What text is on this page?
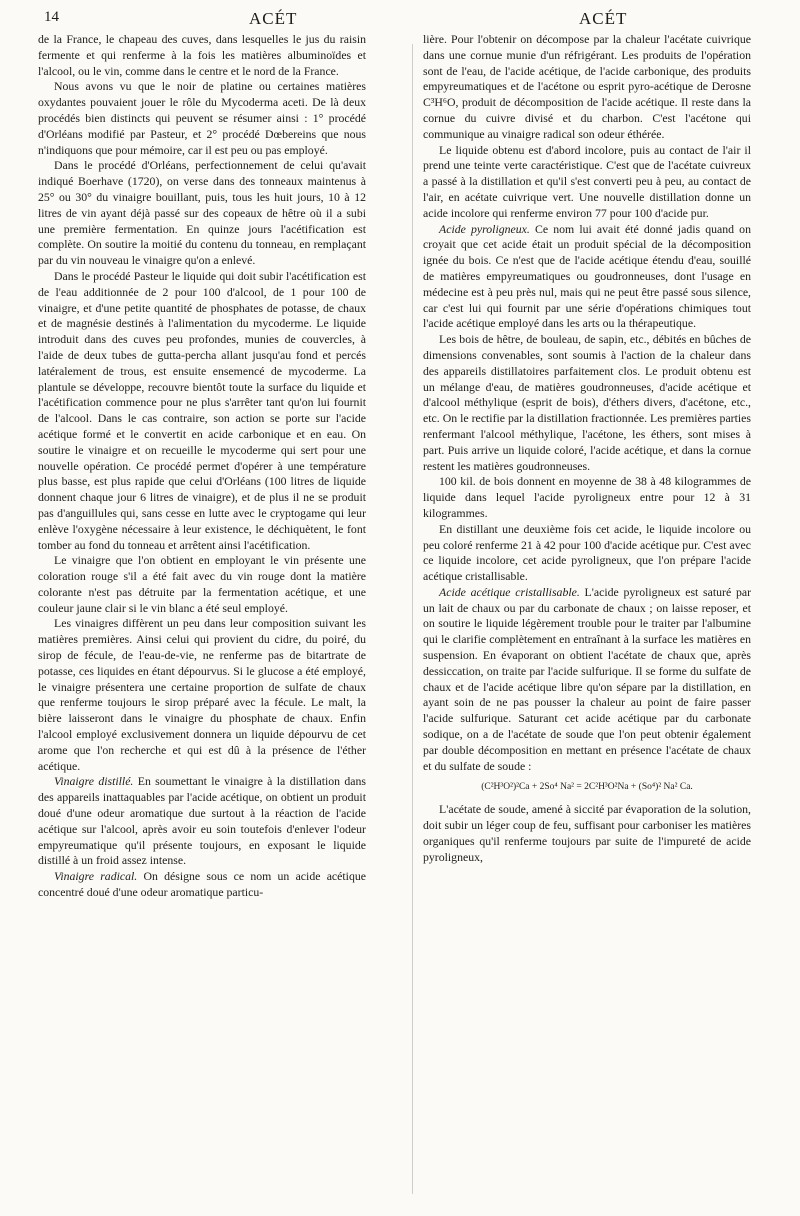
14	ACÉT	ACÉT

de la France, le chapeau des cuves, dans lesquelles le jus du raisin fermente et qui renferme à la fois les matières albuminoïdes et l'alcool, ou le vin, comme dans le centre et le nord de la France.

Nous avons vu que le noir de platine ou certaines matières oxydantes pouvaient jouer le rôle du Mycoderma aceti. De là deux procédés bien distincts qui peuvent se résumer ainsi : 1° procédé d'Orléans modifié par Pasteur, et 2° procédé Dœbereins que nous n'indiquons que pour mémoire, car il est peu ou pas employé.

Dans le procédé d'Orléans, perfectionnement de celui qu'avait indiqué Boerhave (1720), on verse dans des tonneaux maintenus à 25° ou 30° du vinaigre bouillant, puis, tous les huit jours, 10 à 12 litres de vin ayant déjà passé sur des copeaux de hêtre où il a subi une première fermentation. En quinze jours l'acétification est complète. On soutire la moitié du contenu du tonneau, en remplaçant par du vin nouveau le vinaigre qu'on a enlevé.

Dans le procédé Pasteur le liquide qui doit subir l'acétification est de l'eau additionnée de 2 pour 100 d'alcool, de 1 pour 100 de vinaigre, et d'une petite quantité de phosphates de potasse, de chaux et de magnésie destinés à l'alimentation du mycoderme. Le liquide introduit dans des cuves peu profondes, munies de couvercles, à l'aide de deux tubes de gutta-percha allant jusqu'au fond et percés latéralement de trous, est ensuite ensemencé de mycoderme. La plantule se développe, recouvre bientôt toute la surface du liquide et l'acétification commence pour ne plus s'arrêter tant qu'on lui fournit de l'alcool. Dans le cas contraire, son action se porte sur l'acide acétique formé et le convertit en acide carbonique et en eau. On soutire le vinaigre et on recueille le mycoderme qui sert pour une nouvelle opération. Ce procédé permet d'opérer à une température plus basse, est plus rapide que celui d'Orléans (100 litres de liquide donnent chaque jour 6 litres de vinaigre), et de plus il ne se produit pas d'anguillules qui, sans cesse en lutte avec le cryptogame qui leur enlève l'oxygène nécessaire à leur existence, le déchiquètent, le font tomber au fond du tonneau et arrêtent ainsi l'acétification.

Le vinaigre que l'on obtient en employant le vin présente une coloration rouge s'il a été fait avec du vin rouge dont la matière colorante n'est pas détruite par la fermentation acétique, et une couleur jaune clair si le vin blanc a été seul employé.

Les vinaigres diffèrent un peu dans leur composition suivant les matières premières. Ainsi celui qui provient du cidre, du poiré, du sirop de fécule, de l'eau-de-vie, ne renferme pas de bitartrate de potasse, ces liquides en étant dépourvus. Si le glucose a été employé, le vinaigre présentera une certaine proportion de sulfate de chaux que renferme toujours le sirop préparé avec la fécule. Le malt, la bière laisseront dans le vinaigre du phosphate de chaux. Enfin l'alcool employé exclusivement donnera un liquide dépourvu de cet arome que l'on recherche et qui est dû à la présence de l'éther acétique.

Vinaigre distillé. En soumettant le vinaigre à la distillation dans des appareils inattaquables par l'acide acétique, on obtient un produit doué d'une odeur aromatique due surtout à la réaction de l'acide acétique sur l'alcool, après avoir eu soin toutefois d'enlever l'odeur empyreumatique qu'il présente toujours, en exposant le liquide distillé à un froid assez intense.

Vinaigre radical. On désigne sous ce nom un acide acétique concentré doué d'une odeur aromatique particu-

lière. Pour l'obtenir on décompose par la chaleur l'acétate cuivrique dans une cornue munie d'un réfrigérant. Les produits de l'opération sont de l'eau, de l'acide acétique, de l'acide carbonique, des produits empyreumatiques et de l'acétone ou esprit pyro-acétique de Derosne C³H⁶O, produit de décomposition de l'acide acétique. Il reste dans la cornue du cuivre divisé et du charbon. C'est l'acétone qui communique au vinaigre radical son odeur éthérée.

Le liquide obtenu est d'abord incolore, puis au contact de l'air il prend une teinte verte caractéristique. C'est que de l'acétate cuivreux a passé à la distillation et qu'il s'est converti peu à peu, au contact de l'air, en acétate cuivrique vert. Une nouvelle distillation donne un acide incolore qui renferme environ 77 pour 100 d'acide pur.

Acide pyroligneux. Ce nom lui avait été donné jadis quand on croyait que cet acide était un produit spécial de la décomposition ignée du bois. Ce n'est que de l'acide acétique étendu d'eau, souillé de matières empyreumatiques ou goudronneuses, dont l'usage en médecine est à peu près nul, mais qui ne peut être passé sous silence, car c'est lui qui fournit par une série d'opérations chimiques tout l'acide acétique employé dans les arts ou la thérapeutique.

Les bois de hêtre, de bouleau, de sapin, etc., débités en bûches de dimensions convenables, sont soumis à l'action de la chaleur dans des appareils distillatoires parfaitement clos. Le produit obtenu est un mélange d'eau, de matières goudronneuses, d'acide acétique et d'alcool méthylique (esprit de bois), d'éthers divers, d'acétone, etc., etc. On le rectifie par la distillation fractionnée. Les premières parties renfermant l'alcool méthylique, l'acétone, les éthers, sont mises à part. Puis arrive un liquide coloré, l'acide acétique, et dans la cornue restent les matières goudronneuses.

100 kil. de bois donnent en moyenne de 38 à 48 kilogrammes de liquide dans lequel l'acide pyroligneux entre pour 12 à 31 kilogrammes.

En distillant une deuxième fois cet acide, le liquide incolore ou peu coloré renferme 21 à 42 pour 100 d'acide acétique pur. C'est avec ce liquide incolore, cet acide pyroligneux, que l'on prépare l'acide acétique cristallisable.

Acide acétique cristallisable. L'acide pyroligneux est saturé par un lait de chaux ou par du carbonate de chaux ; on laisse reposer, et on soutire le liquide légèrement trouble pour le traiter par l'albumine qui le clarifie complètement en entraînant à la surface les matières en suspension. En évaporant on obtient l'acétate de chaux que, après dessiccation, on traite par l'acide sulfurique. Il se forme du sulfate de chaux et de l'acide acétique libre qu'on sépare par la distillation, en ayant soin de ne pas pousser la chaleur au point de faire passer l'acide sulfurique. Saturant cet acide acétique par du carbonate sodique, on a de l'acétate de soude que l'on peut obtenir également par double décomposition en mettant en présence l'acétate de chaux et du sulfate de soude :

(C²H³O²)²Ca + 2So⁴ Na² = 2C²H³O²Na + (So⁴)² Na² Ca.

L'acétate de soude, amené à siccité par évaporation de la solution, doit subir un léger coup de feu, suffisant pour carboniser les matières organiques qu'il renferme toujours par suite de l'impureté de acide pyroligneux,
